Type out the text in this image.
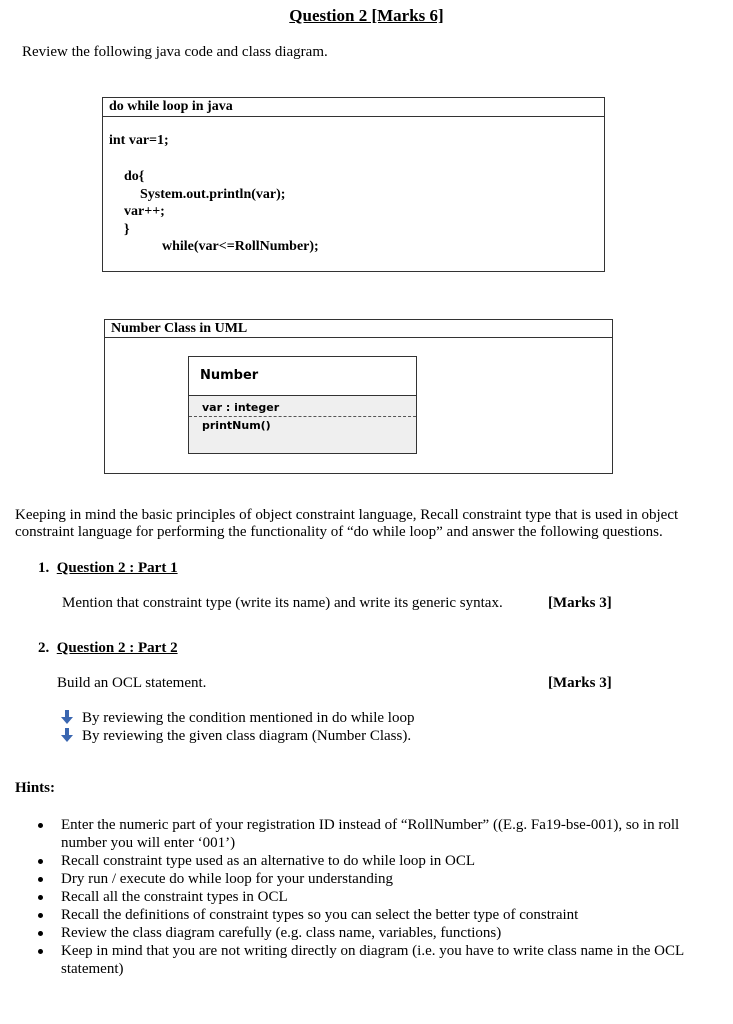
Question 2 [Marks 6]
Review the following java code and class diagram.
do while loop in java
int var=1;
do{
System.out.println(var);
var++;
}
while(var<=RollNumber);
Number Class in UML
Number
var : integer
printNum()
Keeping in mind the basic principles of object constraint language, Recall constraint type that is used in object constraint language for performing the functionality of “do while loop” and answer the following questions.
1. Question 2 : Part 1
Mention that constraint type (write its name) and write its generic syntax.	[Marks 3]
2. Question 2 : Part 2
Build an OCL statement.	[Marks 3]
By reviewing the condition mentioned in do while loop
By reviewing the given class diagram (Number Class).
Hints:
Enter the numeric part of your registration ID instead of “RollNumber” ((E.g. Fa19-bse-001), so in roll number you will enter ‘001’)
Recall constraint type used as an alternative to do while loop in OCL
Dry run / execute do while loop for your understanding
Recall all the constraint types in OCL
Recall the definitions of constraint types so you can select the better type of constraint
Review the class diagram carefully (e.g. class name, variables, functions)
Keep in mind that you are not writing directly on diagram (i.e. you have to write class name in the OCL statement)
